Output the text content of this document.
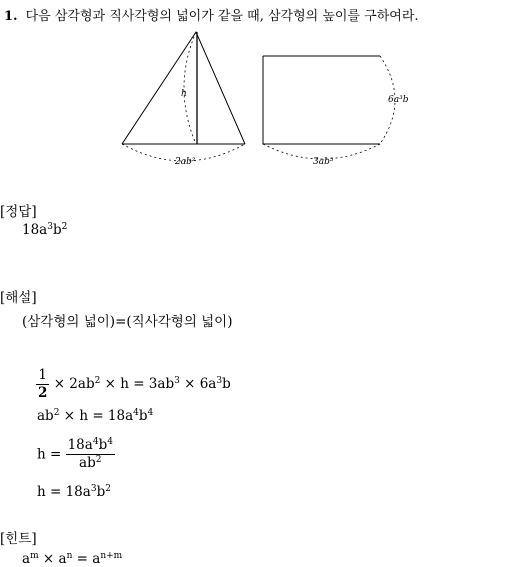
1. 다음 삼각형과 직사각형의 넓이가 같을 때, 삼각형의 높이를 구하여라.
h
2ab²
6a³b
3ab³
[정답]
$18a^3b^2$
[해설]
(삼각형의 넓이)=(직사각형의 넓이)
$\frac{1}{2} \times 2ab^2 \times h = 3ab^3 \times 6a^3b$
$ab^2 \times h = 18a^4b^4$
$h = \frac{18a^4b^4}{ab^2}$
$h = 18a^3b^2$
[힌트]
$a^m \times a^n = a^{n+m}$
